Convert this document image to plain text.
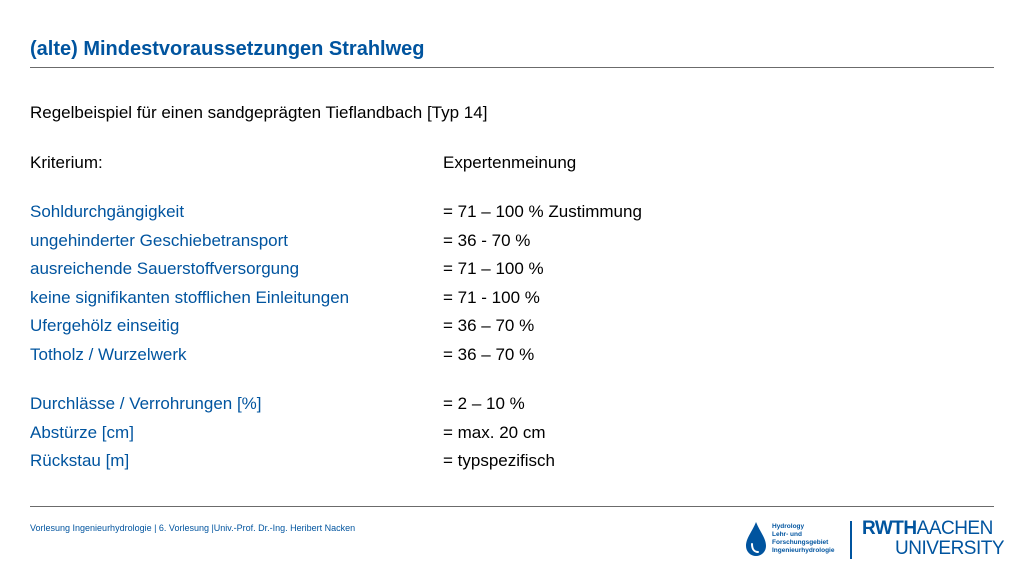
(alte) Mindestvoraussetzungen Strahlweg
Regelbeispiel für einen sandgeprägten Tieflandbach [Typ 14]
Kriterium:	Expertenmeinung
Sohldurchgängigkeit	= 71 – 100 % Zustimmung
ungehinderter Geschiebetransport	= 36 - 70 %
ausreichende Sauerstoffversorgung	= 71 – 100 %
keine signifikanten stofflichen Einleitungen	= 71 - 100 %
Ufergehölz einseitig	= 36 – 70 %
Totholz / Wurzelwerk	= 36 – 70 %
Durchlässe / Verrohrungen [%]	= 2 – 10 %
Abstürze [cm]	= max. 20 cm
Rückstau [m]	= typspezifisch
Vorlesung Ingenieurhydrologie | 6. Vorlesung |Univ.-Prof. Dr.-Ing. Heribert Nacken	Hydrology
Lehr- und
Forschungsgebiet
Ingenieurhydrologie
RWTHAACHEN
UNIVERSITY
